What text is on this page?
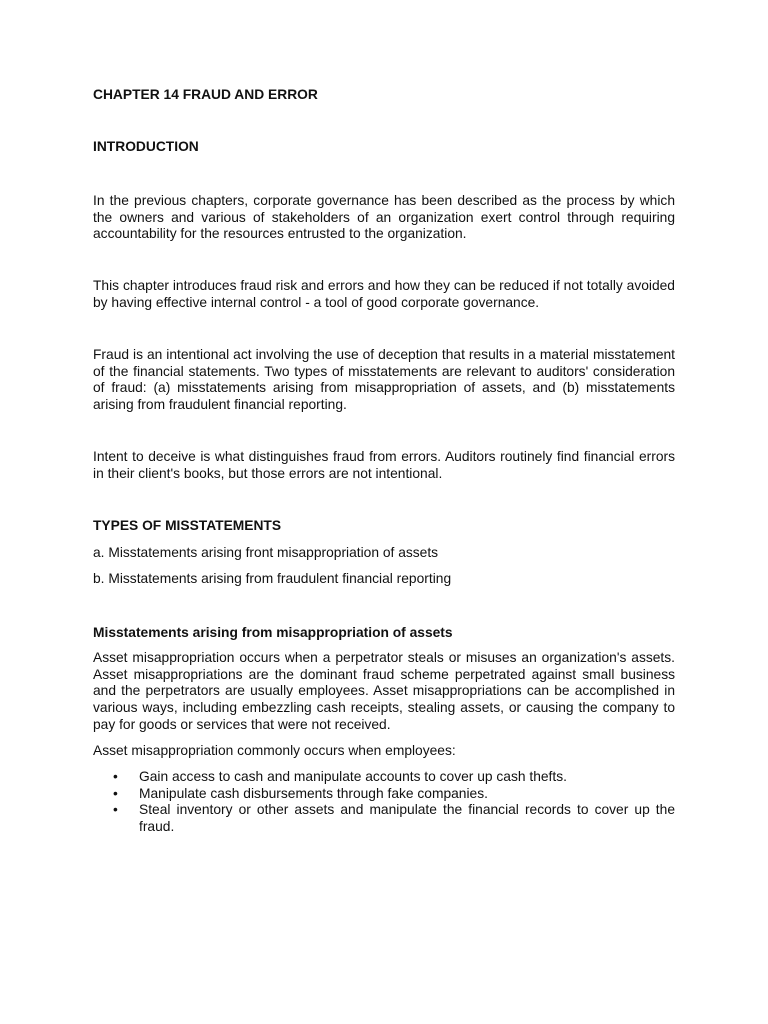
CHAPTER 14 FRAUD AND ERROR

INTRODUCTION

In the previous chapters, corporate governance has been described as the process by which the owners and various of stakeholders of an organization exert control through requiring accountability for the resources entrusted to the organization.

This chapter introduces fraud risk and errors and how they can be reduced if not totally avoided by having effective internal control - a tool of good corporate governance.

Fraud is an intentional act involving the use of deception that results in a material misstatement of the financial statements. Two types of misstatements are relevant to auditors' consideration of fraud: (a) misstatements arising from misappropriation of assets, and (b) misstatements arising from fraudulent financial reporting.

Intent to deceive is what distinguishes fraud from errors. Auditors routinely find financial errors in their client's books, but those errors are not intentional.

TYPES OF MISSTATEMENTS

a. Misstatements arising front misappropriation of assets

b. Misstatements arising from fraudulent financial reporting

Misstatements arising from misappropriation of assets

Asset misappropriation occurs when a perpetrator steals or misuses an organization's assets. Asset misappropriations are the dominant fraud scheme perpetrated against small business and the perpetrators are usually employees. Asset misappropriations can be accomplished in various ways, including embezzling cash receipts, stealing assets, or causing the company to pay for goods or services that were not received.

Asset misappropriation commonly occurs when employees:

• Gain access to cash and manipulate accounts to cover up cash thefts.
• Manipulate cash disbursements through fake companies.
• Steal inventory or other assets and manipulate the financial records to cover up the fraud.
